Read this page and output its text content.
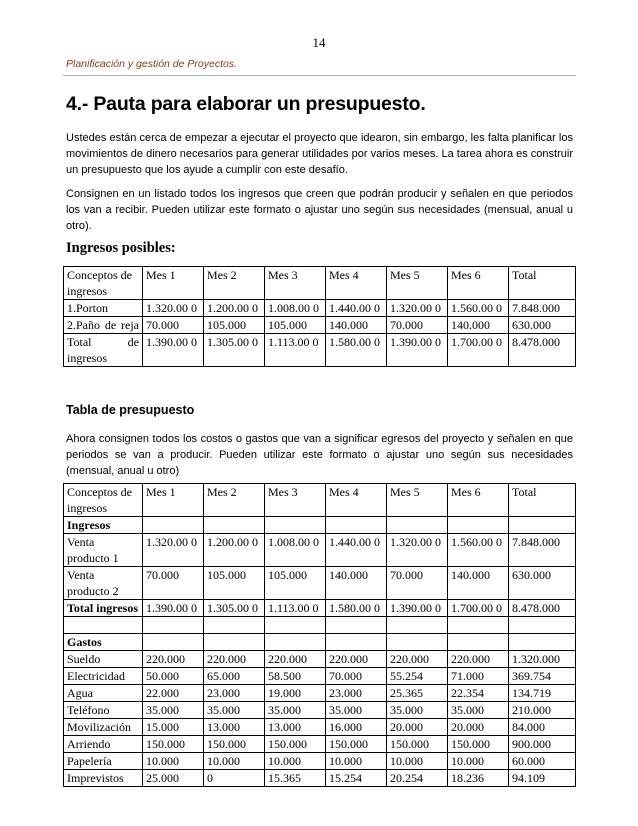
14
Planificación y gestión de Proyectos.
4.- Pauta para elaborar un presupuesto.
Ustedes están cerca de empezar a ejecutar el proyecto que idearon, sin embargo, les falta planificar los movimientos de dinero necesarios para generar utilidades por varios meses. La tarea ahora es construir un presupuesto que los ayude a cumplir con este desafío.
Consignen en un listado todos los ingresos que creen que podrán producir y señalen en que periodos los van a recibir. Pueden utilizar este formato o ajustar uno según sus necesidades (mensual, anual u otro).
Ingresos posibles:
Conceptos de ingresos	Mes 1	Mes 2	Mes 3	Mes 4	Mes 5	Mes 6	Total
1.Porton	1.320.00 0	1.200.00 0	1.008.00 0	1.440.00 0	1.320.00 0	1.560.00 0	7.848.000
2.Paño de reja	70.000	105.000	105.000	140.000	70.000	140.000	630.000
Total de ingresos	1.390.00 0	1.305.00 0	1.113.00 0	1.580.00 0	1.390.00 0	1.700.00 0	8.478.000
Tabla de presupuesto
Ahora consignen todos los costos o gastos que van a significar egresos del proyecto y señalen en que periodos se van a producir. Pueden utilizar este formato o ajustar uno según sus necesidades (mensual, anual u otro)
Conceptos de ingresos	Mes 1	Mes 2	Mes 3	Mes 4	Mes 5	Mes 6	Total
Ingresos							
Venta producto 1	1.320.00 0	1.200.00 0	1.008.00 0	1.440.00 0	1.320.00 0	1.560.00 0	7.848.000
Venta producto 2	70.000	105.000	105.000	140.000	70.000	140.000	630.000
Total ingresos	1.390.00 0	1.305.00 0	1.113.00 0	1.580.00 0	1.390.00 0	1.700.00 0	8.478.000

Gastos							
Sueldo	220.000	220.000	220.000	220.000	220.000	220.000	1.320.000
Electricidad	50.000	65.000	58.500	70.000	55.254	71.000	369.754
Agua	22.000	23.000	19.000	23.000	25.365	22.354	134.719
Teléfono	35.000	35.000	35.000	35.000	35.000	35.000	210.000
Movilización	15.000	13.000	13.000	16.000	20.000	20.000	84.000
Arriendo	150.000	150.000	150.000	150.000	150.000	150.000	900.000
Papelería	10.000	10.000	10.000	10.000	10.000	10.000	60.000
Imprevistos	25.000	0	15.365	15.254	20.254	18.236	94.109
